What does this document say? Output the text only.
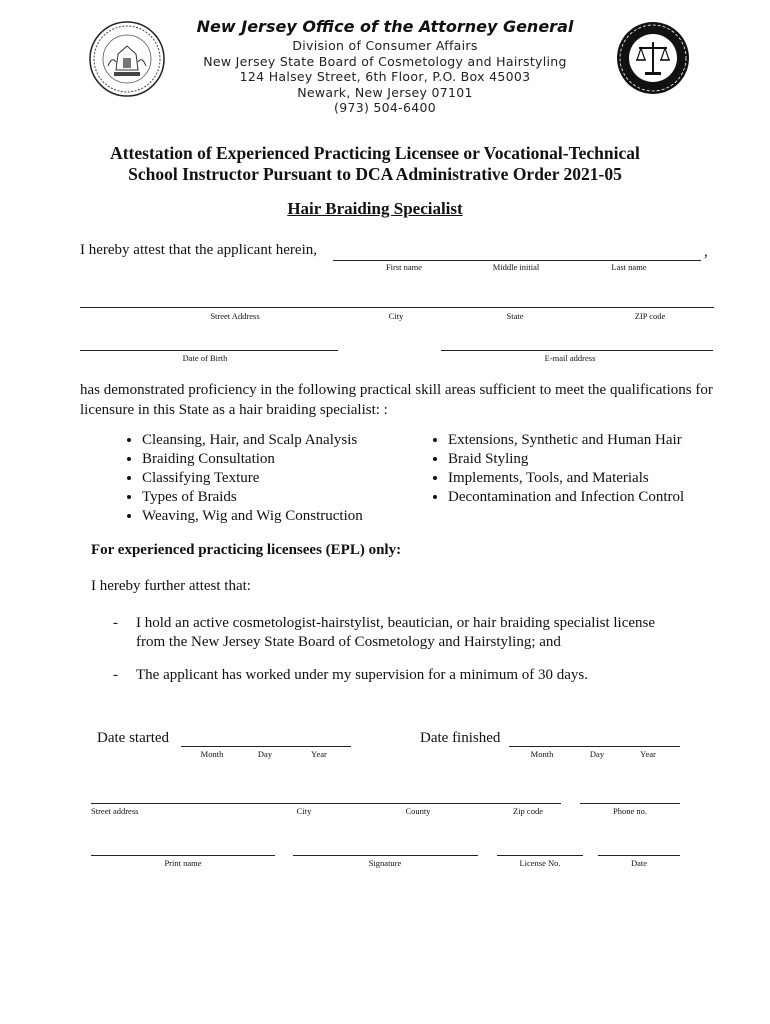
New Jersey Office of the Attorney General
Division of Consumer Affairs
New Jersey State Board of Cosmetology and Hairstyling
124 Halsey Street, 6th Floor, P.O. Box 45003
Newark, New Jersey 07101
(973) 504-6400
Attestation of Experienced Practicing Licensee or Vocational-Technical
School Instructor Pursuant to DCA Administrative Order 2021-05
Hair Braiding Specialist
I hereby attest that the applicant herein,	,
First name	Middle initial	Last name
Street Address	City	State	ZIP code
Date of Birth	E-mail address
has demonstrated proficiency in the following practical skill areas sufficient to meet the qualifications for licensure in this State as a hair braiding specialist: :
• Cleansing, Hair, and Scalp Analysis
• Braiding Consultation
• Classifying Texture
• Types of Braids
• Weaving, Wig and Wig Construction
• Extensions, Synthetic and Human Hair
• Braid Styling
• Implements, Tools, and Materials
• Decontamination and Infection Control
For experienced practicing licensees (EPL) only:
I hereby further attest that:
- I hold an active cosmetologist-hairstylist, beautician, or hair braiding specialist license
from the New Jersey State Board of Cosmetology and Hairstyling; and
- The applicant has worked under my supervision for a minimum of 30 days.
Date started
Month	Day	Year
Date finished
Month	Day	Year
Street address	City	County	Zip code	Phone no.
Print name	Signature	License No.	Date
